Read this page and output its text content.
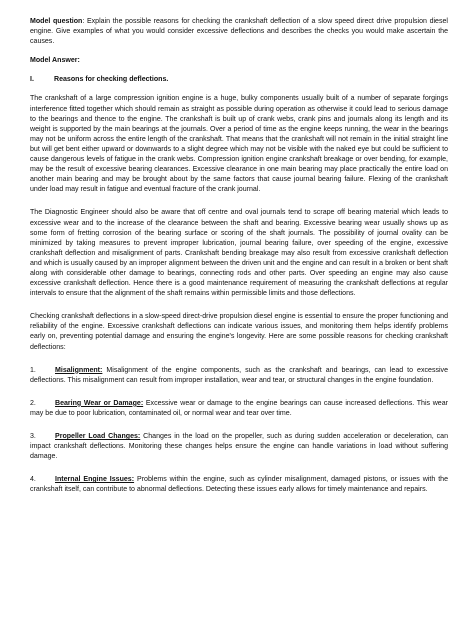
Model question: Explain the possible reasons for checking the crankshaft deflection of a slow speed direct drive propulsion diesel engine. Give examples of what you would consider excessive deflections and describes the checks you would make ascertain the causes.

Model Answer:

I.	Reasons for checking deflections.

The crankshaft of a large compression ignition engine is a huge, bulky components usually built of a number of separate forgings interference fitted together which should remain as straight as possible during operation as otherwise it could lead to serious damage to the bearings and thence to the engine. The crankshaft is built up of crank webs, crank pins and journals along its length and its weight is supported by the main bearings at the journals. Over a period of time as the engine keeps running, the wear in the bearings may not be uniform across the entire length of the crankshaft. That means that the crankshaft will not remain in the initial straight line but will get bent either upward or downwards to a slight degree which may not be visible with the naked eye but could be sufficient to cause dangerous levels of fatigue in the crank webs. Compression ignition engine crankshaft breakage or over bending, for example, may be the result of excessive bearing clearances. Excessive clearance in one main bearing may place practically the entire load on another main bearing and may be brought about by the same factors that cause journal bearing failure. Flexing of the crankshaft under load may result in fatigue and eventual fracture of the crank journal.

The Diagnostic Engineer should also be aware that off centre and oval journals tend to scrape off bearing material which leads to excessive wear and to the increase of the clearance between the shaft and bearing. Excessive bearing wear usually shows up as some form of fretting corrosion of the bearing surface or scoring of the shaft journals. The possibility of journal ovality can be minimized by taking measures to prevent improper lubrication, journal bearing failure, over speeding of the engine, excessive crankshaft deflection and misalignment of parts. Crankshaft bending breakage may also result from excessive crankshaft deflection and which is usually caused by an improper alignment between the driven unit and the engine and can result in a broken or bent shaft along with considerable other damage to bearings, connecting rods and other parts. Over speeding an engine may also cause excessive crankshaft deflection. Hence there is a good maintenance requirement of measuring the crankshaft deflections at regular intervals to ensure that the alignment of the shaft remains within permissible limits and those deflections.

Checking crankshaft deflections in a slow-speed direct-drive propulsion diesel engine is essential to ensure the proper functioning and reliability of the engine. Excessive crankshaft deflections can indicate various issues, and monitoring them helps identify problems early on, preventing potential damage and ensuring the engine's longevity. Here are some possible reasons for checking crankshaft deflections:

1.	Misalignment: Misalignment of the engine components, such as the crankshaft and bearings, can lead to excessive deflections. This misalignment can result from improper installation, wear and tear, or structural changes in the engine foundation.

2.	Bearing Wear or Damage: Excessive wear or damage to the engine bearings can cause increased deflections. This wear may be due to poor lubrication, contaminated oil, or normal wear and tear over time.

3.	Propeller Load Changes: Changes in the load on the propeller, such as during sudden acceleration or deceleration, can impact crankshaft deflections. Monitoring these changes helps ensure the engine can handle variations in load without suffering damage.

4.	Internal Engine Issues: Problems within the engine, such as cylinder misalignment, damaged pistons, or issues with the crankshaft itself, can contribute to abnormal deflections. Detecting these issues early allows for timely maintenance and repairs.
